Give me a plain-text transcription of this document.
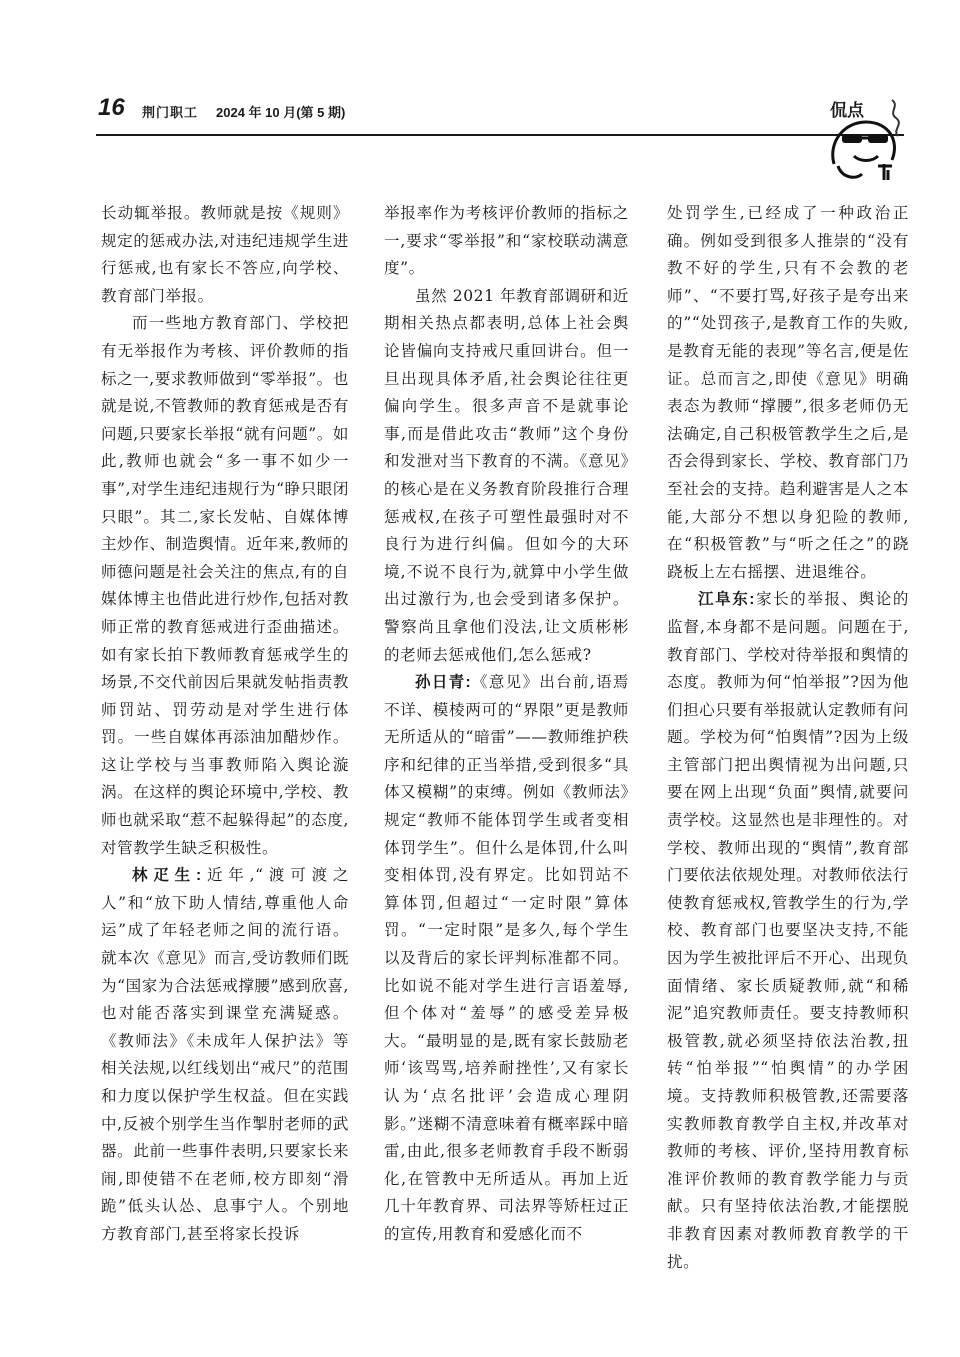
16 荆门职工 2024 年 10 月(第 5 期)	侃点

长动辄举报。教师就是按《规则》规定的惩戒办法,对违纪违规学生进行惩戒,也有家长不答应,向学校、教育部门举报。

而一些地方教育部门、学校把有无举报作为考核、评价教师的指标之一,要求教师做到“零举报”。也就是说,不管教师的教育惩戒是否有问题,只要家长举报“就有问题”。如此,教师也就会“多一事不如少一事”,对学生违纪违规行为“睁只眼闭只眼”。其二,家长发帖、自媒体博主炒作、制造舆情。近年来,教师的师德问题是社会关注的焦点,有的自媒体博主也借此进行炒作,包括对教师正常的教育惩戒进行歪曲描述。如有家长拍下教师教育惩戒学生的场景,不交代前因后果就发帖指责教师罚站、罚劳动是对学生进行体罚。一些自媒体再添油加醋炒作。这让学校与当事教师陷入舆论漩涡。在这样的舆论环境中,学校、教师也就采取“惹不起躲得起”的态度,对管教学生缺乏积极性。

林疋生:近年,“渡可渡之人”和“放下助人情结,尊重他人命运”成了年轻老师之间的流行语。就本次《意见》而言,受访教师们既为“国家为合法惩戒撑腰”感到欣喜,也对能否落实到课堂充满疑惑。《教师法》《未成年人保护法》等相关法规,以红线划出“戒尺”的范围和力度以保护学生权益。但在实践中,反被个别学生当作掣肘老师的武器。此前一些事件表明,只要家长来闹,即使错不在老师,校方即刻“滑跪”低头认怂、息事宁人。个别地方教育部门,甚至将家长投诉

举报率作为考核评价教师的指标之一,要求“零举报”和“家校联动满意度”。

虽然 2021 年教育部调研和近期相关热点都表明,总体上社会舆论皆偏向支持戒尺重回讲台。但一旦出现具体矛盾,社会舆论往往更偏向学生。很多声音不是就事论事,而是借此攻击“教师”这个身份和发泄对当下教育的不满。《意见》的核心是在义务教育阶段推行合理惩戒权,在孩子可塑性最强时对不良行为进行纠偏。但如今的大环境,不说不良行为,就算中小学生做出过激行为,也会受到诸多保护。警察尚且拿他们没法,让文质彬彬的老师去惩戒他们,怎么惩戒?

孙日青:《意见》出台前,语焉不详、模棱两可的“界限”更是教师无所适从的“暗雷”——教师维护秩序和纪律的正当举措,受到很多“具体又模糊”的束缚。例如《教师法》规定“教师不能体罚学生或者变相体罚学生”。但什么是体罚,什么叫变相体罚,没有界定。比如罚站不算体罚,但超过“一定时限”算体罚。“一定时限”是多久,每个学生以及背后的家长评判标准都不同。比如说不能对学生进行言语羞辱,但个体对“羞辱”的感受差异极大。“最明显的是,既有家长鼓励老师‘该骂骂,培养耐挫性’,又有家长认为‘点名批评’会造成心理阴影。”迷糊不清意味着有概率踩中暗雷,由此,很多老师教育手段不断弱化,在管教中无所适从。再加上近几十年教育界、司法界等矫枉过正的宣传,用教育和爱感化而不

处罚学生,已经成了一种政治正确。例如受到很多人推崇的“没有教不好的学生,只有不会教的老师”、“不要打骂,好孩子是夸出来的”“处罚孩子,是教育工作的失败,是教育无能的表现”等名言,便是佐证。总而言之,即使《意见》明确表态为教师“撑腰”,很多老师仍无法确定,自己积极管教学生之后,是否会得到家长、学校、教育部门乃至社会的支持。趋利避害是人之本能,大部分不想以身犯险的教师,在“积极管教”与“听之任之”的跷跷板上左右摇摆、进退维谷。

江阜东:家长的举报、舆论的监督,本身都不是问题。问题在于,教育部门、学校对待举报和舆情的态度。教师为何“怕举报”?因为他们担心只要有举报就认定教师有问题。学校为何“怕舆情”?因为上级主管部门把出舆情视为出问题,只要在网上出现“负面”舆情,就要问责学校。这显然也是非理性的。对学校、教师出现的“舆情”,教育部门要依法依规处理。对教师依法行使教育惩戒权,管教学生的行为,学校、教育部门也要坚决支持,不能因为学生被批评后不开心、出现负面情绪、家长质疑教师,就“和稀泥”追究教师责任。要支持教师积极管教,就必须坚持依法治教,扭转“怕举报”“怕舆情”的办学困境。支持教师积极管教,还需要落实教师教育教学自主权,并改革对教师的考核、评价,坚持用教育标准评价教师的教育教学能力与贡献。只有坚持依法治教,才能摆脱非教育因素对教师教育教学的干扰。
